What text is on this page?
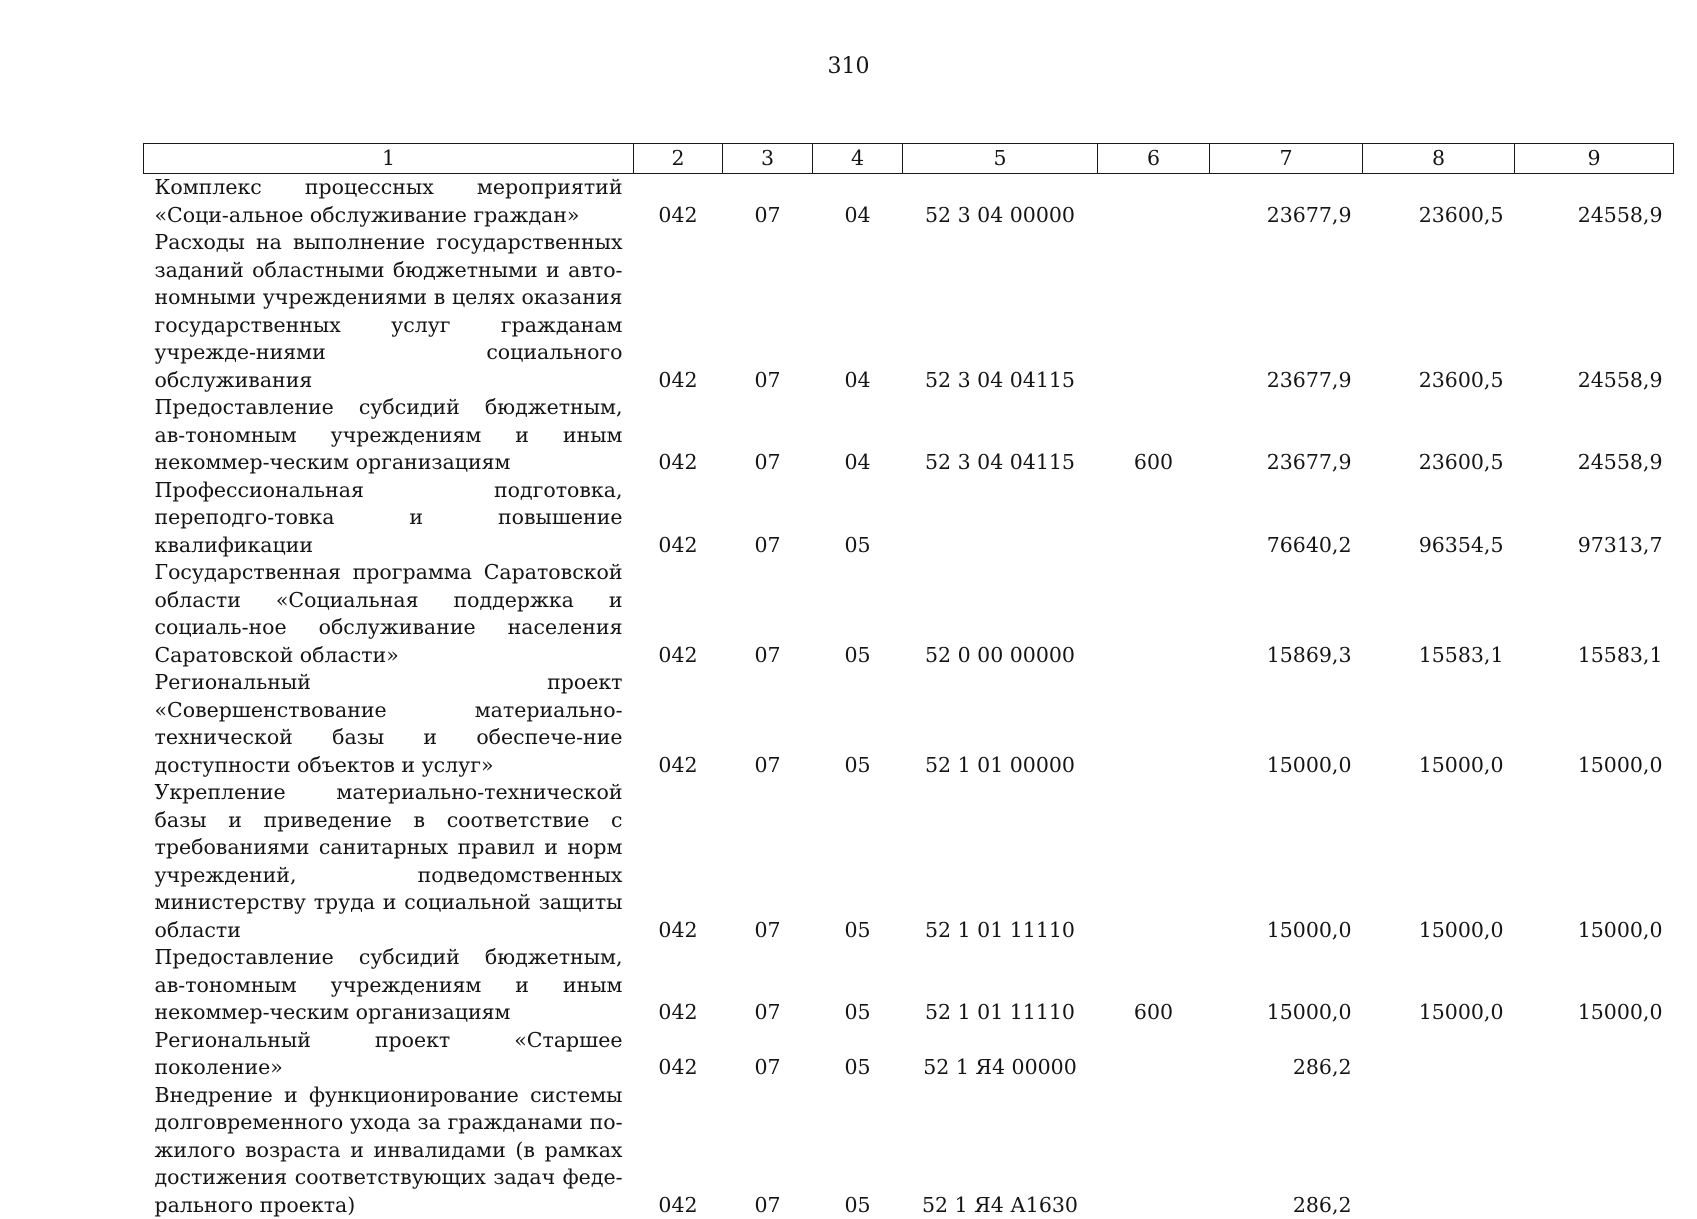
310
1	2	3	4	5	6	7	8	9
Комплекс процессных мероприятий «Соци-альное обслуживание граждан»	042	07	04	52 3 04 00000		23677,9	23600,5	24558,9
Расходы на выполнение государственных заданий областными бюджетными и авто-номными учреждениями в целях оказания государственных услуг гражданам учрежде-ниями социального обслуживания	042	07	04	52 3 04 04115		23677,9	23600,5	24558,9
Предоставление субсидий бюджетным, ав-тономным учреждениям и иным некоммер-ческим организациям	042	07	04	52 3 04 04115	600	23677,9	23600,5	24558,9
Профессиональная подготовка, переподго-товка и повышение квалификации	042	07	05			76640,2	96354,5	97313,7
Государственная программа Саратовской области «Социальная поддержка и социаль-ное обслуживание населения Саратовской области»	042	07	05	52 0 00 00000		15869,3	15583,1	15583,1
Региональный проект «Совершенствование материально-технической базы и обеспече-ние доступности объектов и услуг»	042	07	05	52 1 01 00000		15000,0	15000,0	15000,0
Укрепление материально-технической базы и приведение в соответствие с требованиями санитарных правил и норм учреждений, подведомственных министерству труда и социальной защиты области	042	07	05	52 1 01 11110		15000,0	15000,0	15000,0
Предоставление субсидий бюджетным, ав-тономным учреждениям и иным некоммер-ческим организациям	042	07	05	52 1 01 11110	600	15000,0	15000,0	15000,0
Региональный проект «Старшее поколение»	042	07	05	52 1 Я4 00000		286,2		
Внедрение и функционирование системы долговременного ухода за гражданами по-жилого возраста и инвалидами (в рамках достижения соответствующих задач феде-рального проекта)	042	07	05	52 1 Я4 А1630		286,2		
